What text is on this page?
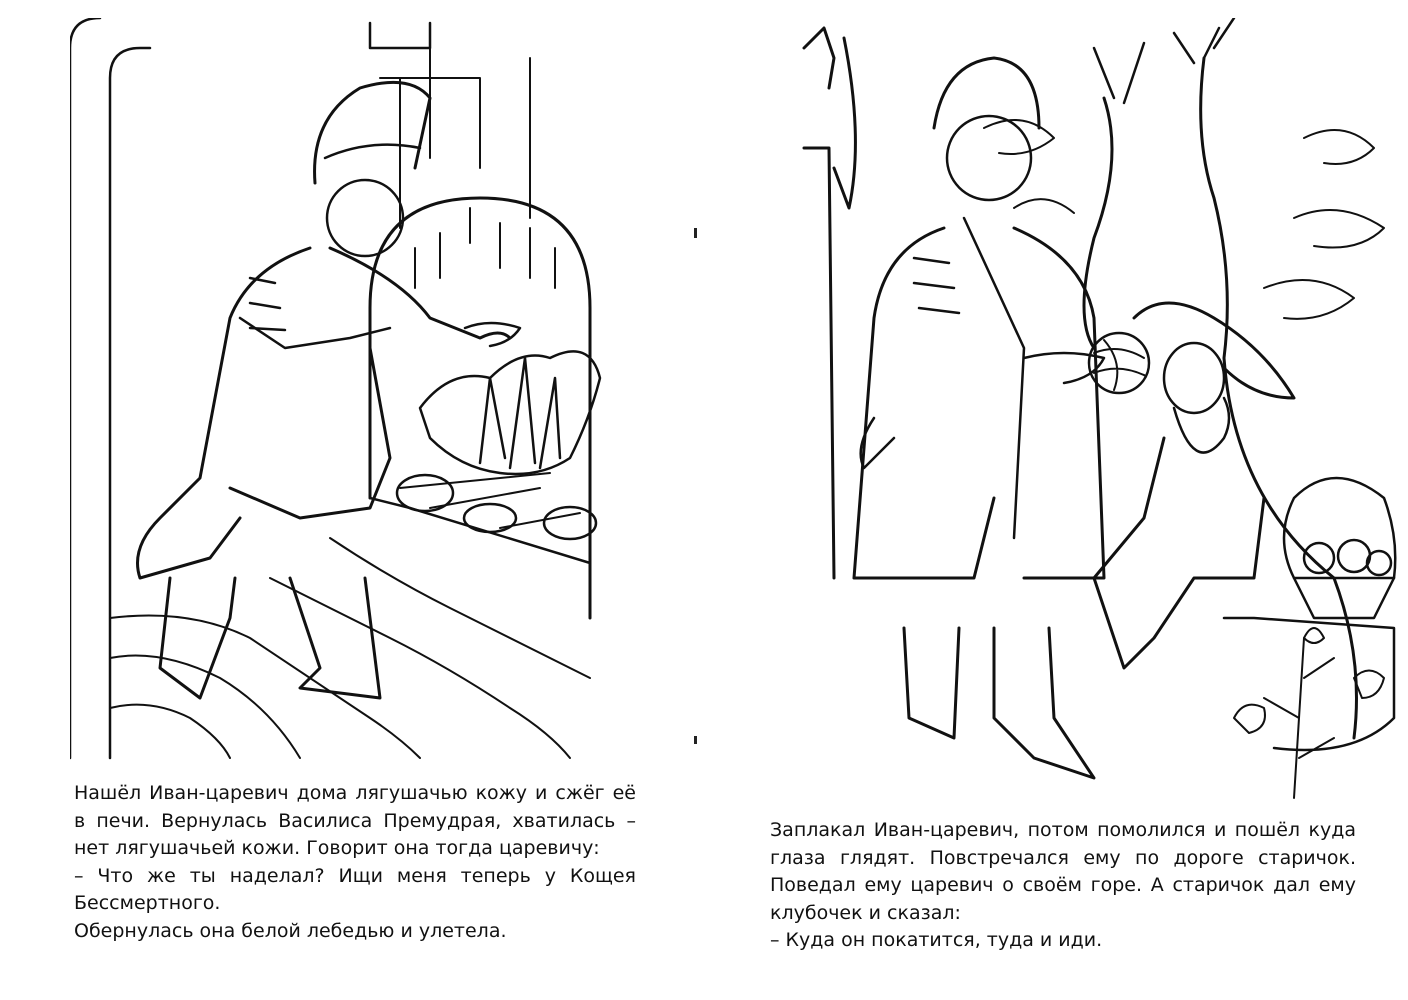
Нашёл Иван-царевич дома лягушачью кожу и сжёг её в печи. Вернулась Василиса Премудрая, хватилась – нет лягушачьей кожи. Говорит она тогда царевичу:

– Что же ты наделал? Ищи меня теперь у Кощея Бессмертного.

Обернулась она белой лебедью и улетела.

Заплакал Иван-царевич, потом помолился и пошёл куда глаза глядят. Повстречался ему по дороге старичок. Поведал ему царевич о своём горе. А старичок дал ему клубочек и сказал:

– Куда он покатится, туда и иди.
